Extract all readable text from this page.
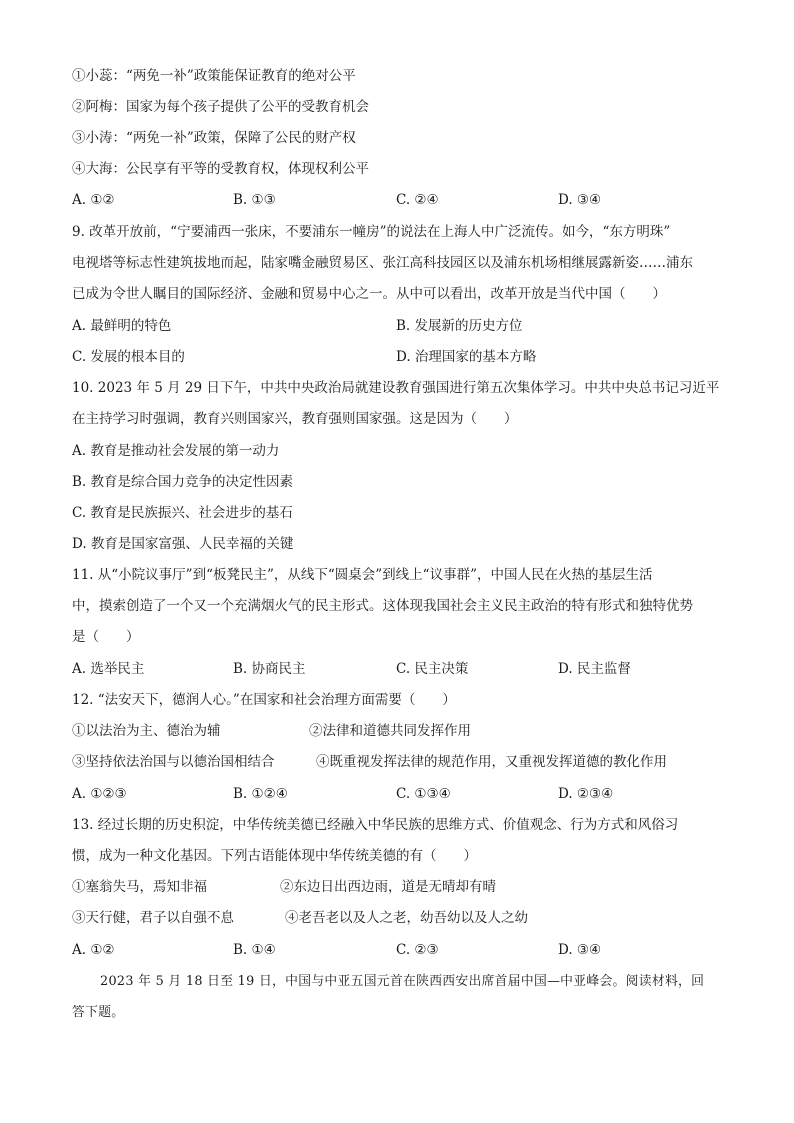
①小蕊：“两免一补”政策能保证教育的绝对公平
②阿梅：国家为每个孩子提供了公平的受教育机会
③小涛：“两免一补”政策，保障了公民的财产权
④大海：公民享有平等的受教育权，体现权利公平
A. ①②	B. ①③	C. ②④	D. ③④
9. 改革开放前，“宁要浦西一张床，不要浦东一幢房”的说法在上海人中广泛流传。如今，“东方明珠”
电视塔等标志性建筑拔地而起，陆家嘴金融贸易区、张江高科技园区以及浦东机场相继展露新姿……浦东
已成为令世人瞩目的国际经济、金融和贸易中心之一。从中可以看出，改革开放是当代中国（　　）
A. 最鲜明的特色	B. 发展新的历史方位
C. 发展的根本目的	D. 治理国家的基本方略
10. 2023 年 5 月 29 日下午，中共中央政治局就建设教育强国进行第五次集体学习。中共中央总书记习近平
在主持学习时强调，教育兴则国家兴，教育强则国家强。这是因为（　　）
A. 教育是推动社会发展的第一动力
B. 教育是综合国力竞争的决定性因素
C. 教育是民族振兴、社会进步的基石
D. 教育是国家富强、人民幸福的关键
11. 从“小院议事厅”到“板凳民主”，从线下“圆桌会”到线上“议事群”，中国人民在火热的基层生活
中，摸索创造了一个又一个充满烟火气的民主形式。这体现我国社会主义民主政治的特有形式和独特优势
是（　　）
A. 选举民主	B. 协商民主	C. 民主决策	D. 民主监督
12. “法安天下，德润人心。”在国家和社会治理方面需要（　　）
①以法治为主、德治为辅	②法律和道德共同发挥作用
③坚持依法治国与以德治国相结合	④既重视发挥法律的规范作用，又重视发挥道德的教化作用
A. ①②③	B. ①②④	C. ①③④	D. ②③④
13. 经过长期的历史积淀，中华传统美德已经融入中华民族的思维方式、价值观念、行为方式和风俗习
惯，成为一种文化基因。下列古语能体现中华传统美德的有（　　）
①塞翁失马，焉知非福	②东边日出西边雨，道是无晴却有晴
③天行健，君子以自强不息	④老吾老以及人之老，幼吾幼以及人之幼
A. ①②	B. ①④	C. ②③	D. ③④
2023 年 5 月 18 日至 19 日，中国与中亚五国元首在陕西西安出席首届中国—中亚峰会。阅读材料，回
答下题。
